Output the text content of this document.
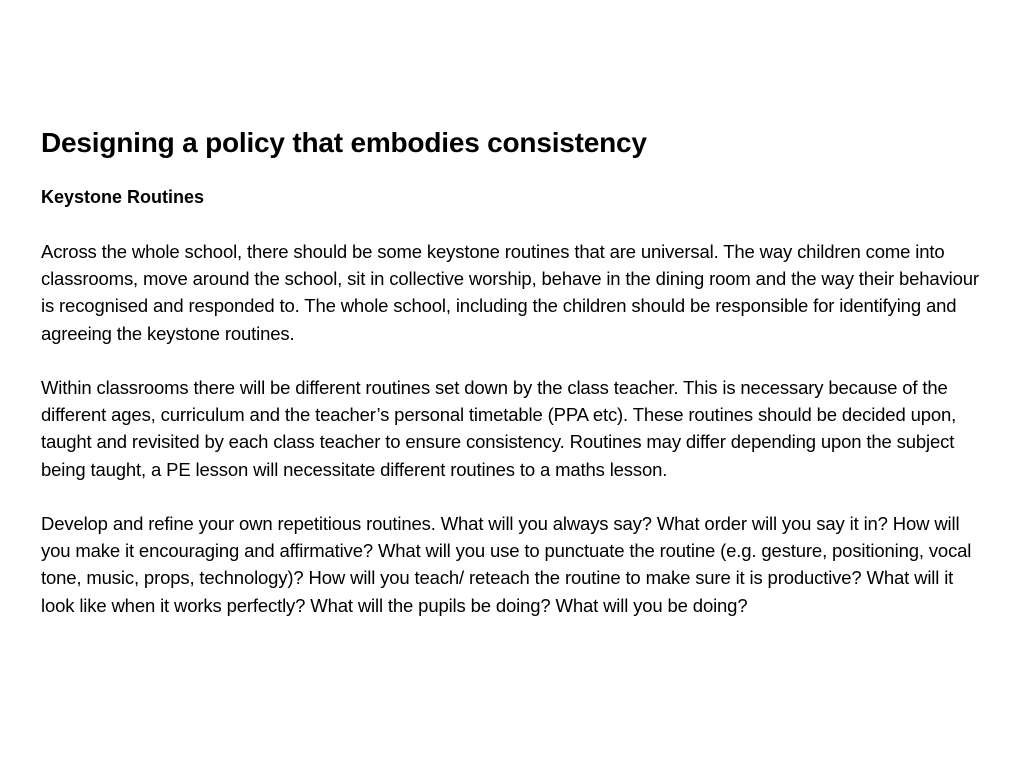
Designing a policy that embodies consistency
Keystone Routines

Across the whole school, there should be some keystone routines that are universal. The way children come into classrooms, move around the school, sit in collective worship, behave in the dining room and the way their behaviour is recognised and responded to. The whole school, including the children should be responsible for identifying and agreeing the keystone routines.

Within classrooms there will be different routines set down by the class teacher. This is necessary because of the different ages, curriculum and the teacher’s personal timetable (PPA etc). These routines should be decided upon, taught and revisited by each class teacher to ensure consistency. Routines may differ depending upon the subject being taught, a PE lesson will necessitate different routines to a maths lesson.

Develop and refine your own repetitious routines. What will you always say? What order will you say it in? How will you make it encouraging and affirmative? What will you use to punctuate the routine (e.g. gesture, positioning, vocal tone, music, props, technology)? How will you teach/ reteach the routine to make sure it is productive? What will it look like when it works perfectly? What will the pupils be doing? What will you be doing?
